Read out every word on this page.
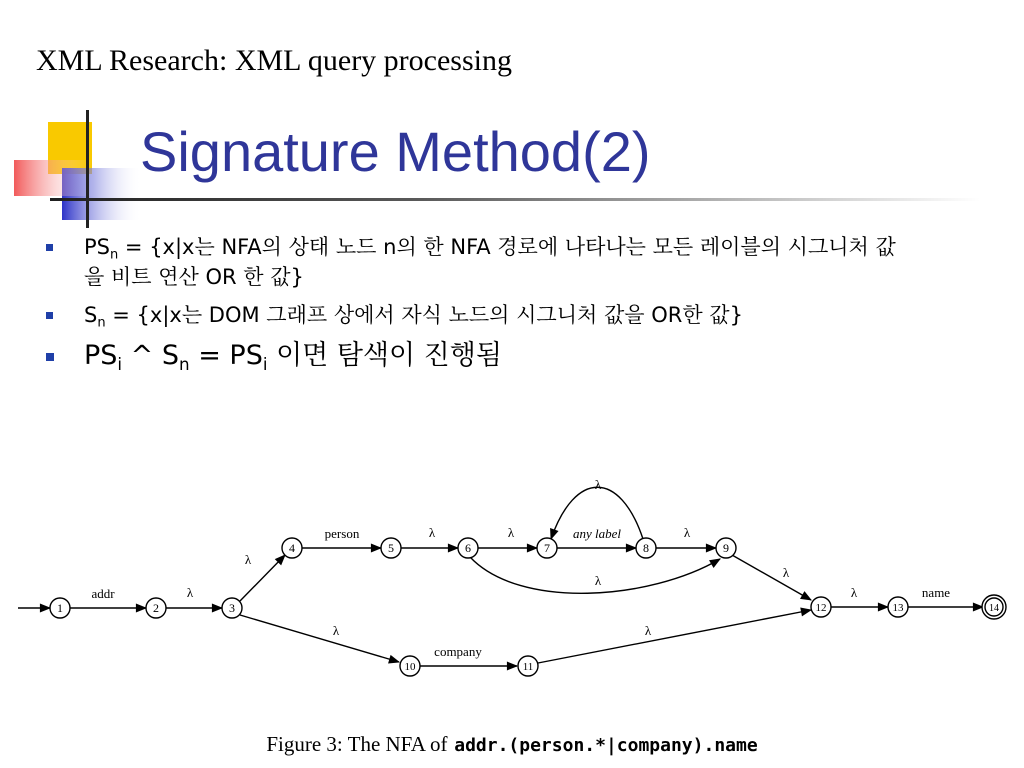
XML Research: XML query processing
Signature Method(2)
$PS_n = \{x|x$는 NFA의 상태 노드 n의 한 NFA 경로에 나타나는 모든 레이블의 시그니처 값을 비트 연산 OR 한 값}
$S_n = \{x|x$는 DOM 그래프 상에서 자식 노드의 시그니처 값을 OR한 값}
$PS_i$ ^ $S_n = PS_i$ 이면 탐색이 진행됨
1	2	3
4	5	6	7	8	9
10	11
12	13	14
addr	λ
λ
person	λ	λ	any label	λ
λ
λ
λ
λ
company
λ
λ	name
Figure 3: The NFA of addr.(person.*|company).name
